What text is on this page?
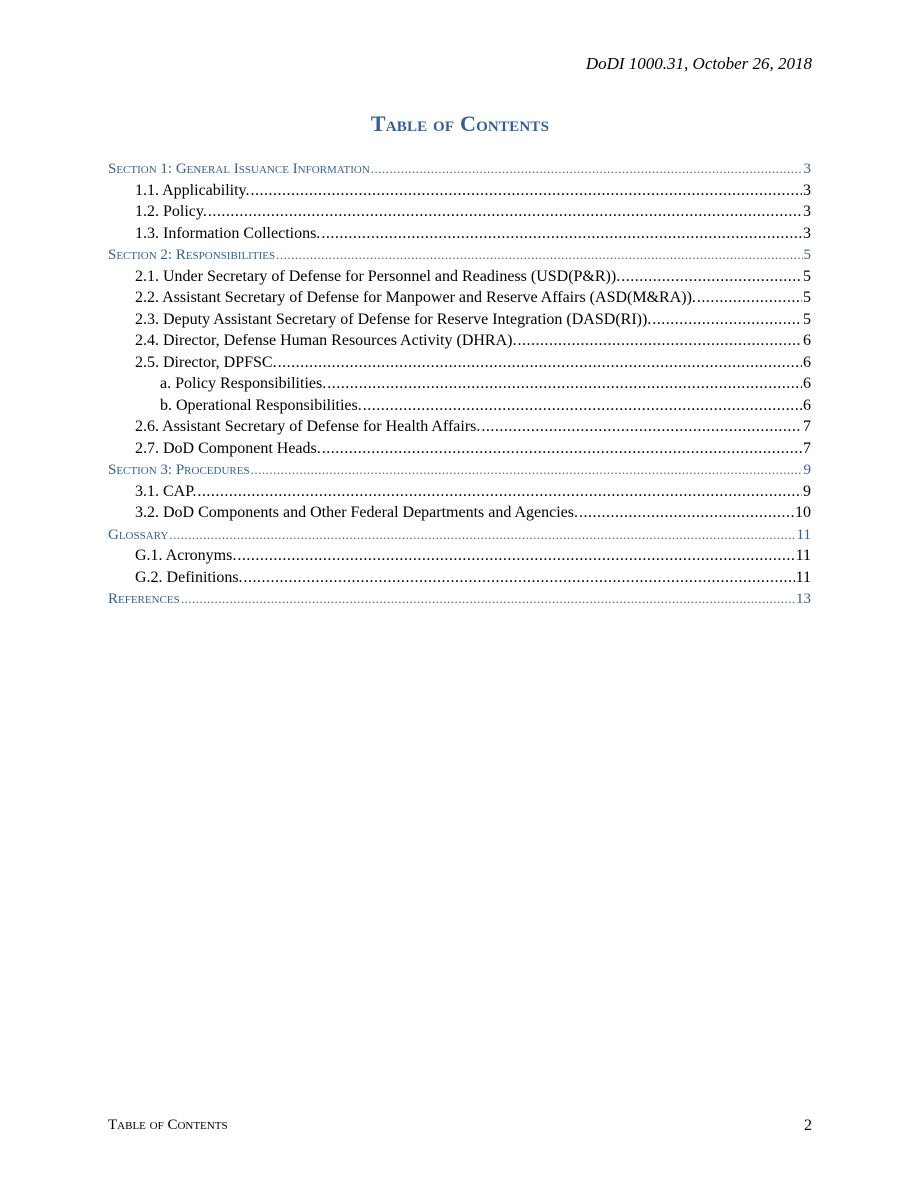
DoDI 1000.31, October 26, 2018
Table of Contents
Section 1: General Issuance Information .....	3
1.1. Applicability. .....	3
1.2. Policy. .....	3
1.3. Information Collections. .....	3
Section 2: Responsibilities .....	5
2.1. Under Secretary of Defense for Personnel and Readiness (USD(P&R)). .....	5
2.2. Assistant Secretary of Defense for Manpower and Reserve Affairs (ASD(M&RA)). .....	5
2.3. Deputy Assistant Secretary of Defense for Reserve Integration (DASD(RI)). .....	5
2.4. Director, Defense Human Resources Activity (DHRA). .....	6
2.5. Director, DPFSC. .....	6
a. Policy Responsibilities. .....	6
b. Operational Responsibilities. .....	6
2.6. Assistant Secretary of Defense for Health Affairs. .....	7
2.7. DoD Component Heads. .....	7
Section 3: Procedures .....	9
3.1. CAP. .....	9
3.2. DoD Components and Other Federal Departments and Agencies. .....	10
Glossary .....	11
G.1. Acronyms. .....	11
G.2. Definitions. .....	11
References .....	13
Table of Contents	2
